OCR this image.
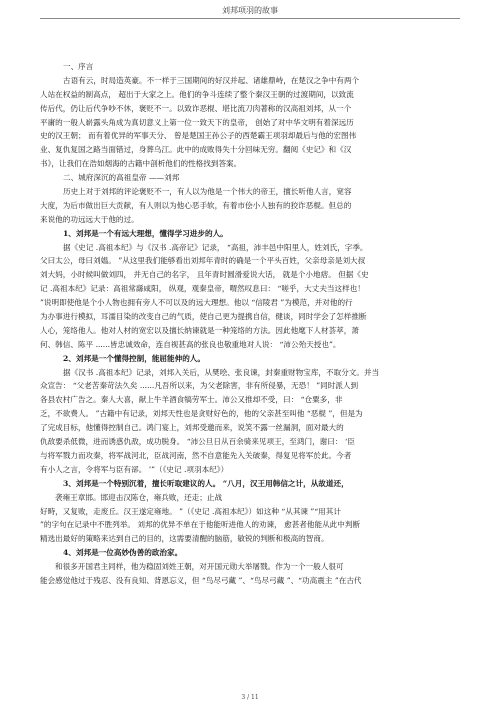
刘邦项羽的故事
一、序言
古语有云，时局造英豪。不一样于三国期间的好汉并起、诸雄鼎峙，在楚汉之争中有两个
人站在权益的制高点， 超出于大家之上。他们的争斗连续了整个秦汉王朝的过渡期间，以致流
传后代，仍让后代争吵不休，褒贬不一。以致诈恶棍、堪比流刀肉著称的汉高祖刘邦，从一个
平庸的一般人崭露头角成为真切意义上第一位一致天下的皇帝， 创始了对中华文明有着深远历
史的汉王朝； 而有着优异的军事天分、 曾是楚国王孙公子的西楚霸王项羽却最后与他的宏图伟
业、复仇复国之路当面错过，身葬乌江。此中的成败得失十分回味无穷。翻阅《史记》和《汉
书》，让我们在浩如烟海的古籍中剖析他们的性格找到答案。
二、城府深沉的高祖皇帝 ——刘邦
历史上对于刘邦的评论褒贬不一，有人以为他是一个伟大的帝王，擅长听他人言，宽容
大度，为后市做出巨大贡献，有人则以为他心恶手软，有着市侩小人独有的狡诈恶棍。但总的
来说他的功远远大于他的过。
1、刘邦是一个有远大理想，懂得学习进步的人。
据《史记 .高祖本纪》与《汉书 .高帝记》记录， “高祖，沛丰邑中阳里人，姓刘氏，字季。
父曰太公，母曰刘媪。 ”从这里我们能够看出刘邦年青时的确是一个平头百姓，父亲母亲是刘大叔
刘大妈，小时候叫做刘四， 并无自己的名字， 且年青时圆滑爱说大话， 就是个小地痞。 但据《史
记 .高祖本纪》记录：高祖常繇咸阳， 纵观，观秦皇帝，喟然叹息曰： “嗟乎，大丈夫当这样也！
”说明即使他是个小人物也拥有旁人不可以及的远大理想。他以 “信陵君 ”为模范，并对他的行
为办事进行模拟，耳濡目染的改变自己的气质，使自己更为提携自信，健谈，同时学会了怎样推断
人心，笼络他人。他对人材的宽宏以及擅长纳谏就是一种笼络的方法。因此他麾下人材荟萃，萧
何、韩信、陈平 ......皆忠诚效命，连自视甚高的张良也敬重地对人说： “沛公殆天授也”。
2、刘邦是一个懂得控制，能屈能伸的人。
据《汉书 .高祖本纪》记录，刘邦入关后，从樊哙、张良谏，封秦重财物宝库，不取分文。并当
众宣告： “父老苦秦苛法久矣 ......凡吾所以来，为父老除害，非有所侵暴，无恐！ ”同时派人到
各县农村广告之。秦人大喜，献上牛羊酒食犒劳军士。沛公又推却不受，曰： “仓粟多，非
乏，不欲费人。 ”古籍中有记录，刘邦天性也是贪财好色的，他的父亲甚至叫他 “恶棍 ”，但是为
了完成目标，他懂得控制自己。鸿门宴上，刘邦受邀而来，说笑不露一丝漏洞，面对最大的
仇敌要杀低微，进而诱惑仇敌，成功脱身。 “沛公旦日从百余骑来见项王，至鸿门，谢曰： ‘臣
与将军戮力而攻秦，将军战河北，臣战河南，然不自意能先入关破秦，得复见将军於此。今者
有小人之言，令将军与臣有郤。 ’”（《史记 .项羽本纪》）
3、刘邦是一个特别沉着，擅长听取建议的人。 “八月，汉王用韩信之计，从故道还，
袭雍王章邯。邯迎击汉陈仓，雍兵败，还走；止战
好畤，又复败，走废丘。汉王遂定雍地。 ”（《史记 .高祖本纪》）如这种 “从其谏 ”“用其计
”的字句在记录中不胜列举。 刘邦的优异不单在于他能听进他人的劝谏， 愈甚者他能从此中判断
精选出最好的策略来达到自己的目的，这需要清醒的脑筋，敏锐的判断和极高的智商。
4、刘邦是一位高妙伪善的政治家。
和很多开国君主同样，他为稳固刘姓王朝，对开国元勋大举屠戮。作为一个一般人很可
能会感觉他过于残忍、没有良知、背恩忘义，但 “鸟尽弓藏 ”、“鸟尽弓藏 ”、“功高震主 ”在古代
3 / 11
